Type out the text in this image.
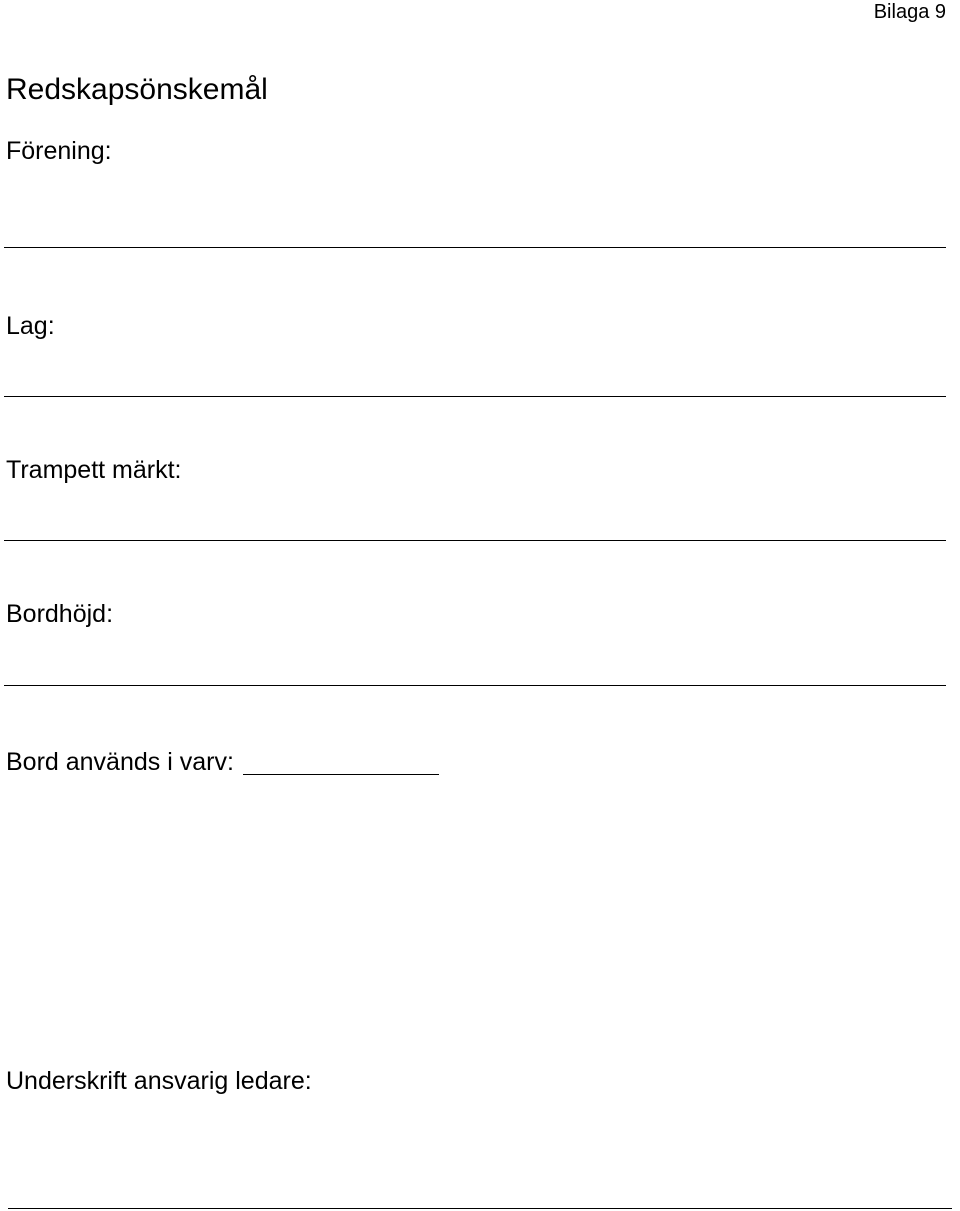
Bilaga 9
Redskapsönskemål
Förening:
Lag:
Trampett märkt:
Bordhöjd:
Bord används i varv:
Underskrift ansvarig ledare:
